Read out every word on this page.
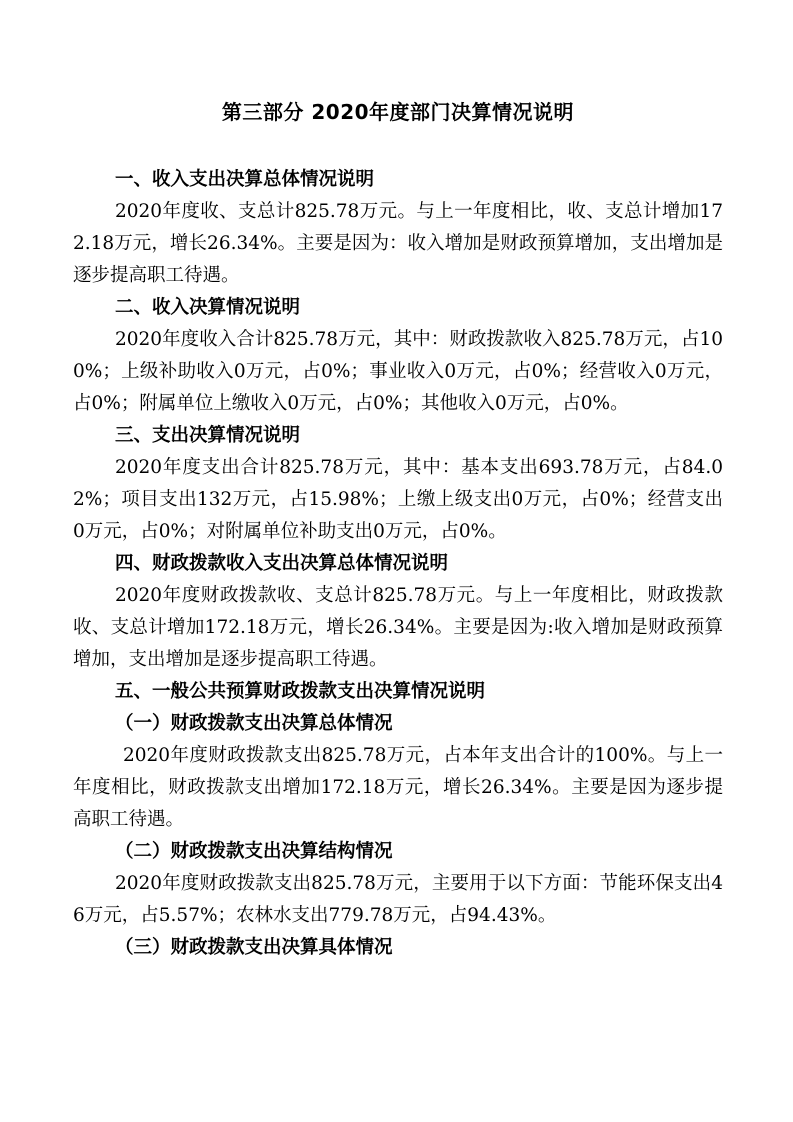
第三部分 2020年度部门决算情况说明
一、收入支出决算总体情况说明

2020年度收、支总计825.78万元。与上一年度相比，收、支总计增加172.18万元，增长26.34%。主要是因为：收入增加是财政预算增加，支出增加是逐步提高职工待遇。

二、收入决算情况说明

2020年度收入合计825.78万元，其中：财政拨款收入825.78万元，占100%；上级补助收入0万元，占0%；事业收入0万元，占0%；经营收入0万元，占0%；附属单位上缴收入0万元，占0%；其他收入0万元，占0%。

三、支出决算情况说明

2020年度支出合计825.78万元，其中：基本支出693.78万元，占84.02%；项目支出132万元，占15.98%；上缴上级支出0万元，占0%；经营支出0万元，占0%；对附属单位补助支出0万元，占0%。

四、财政拨款收入支出决算总体情况说明

2020年度财政拨款收、支总计825.78万元。与上一年度相比，财政拨款收、支总计增加172.18万元，增长26.34%。主要是因为:收入增加是财政预算增加，支出增加是逐步提高职工待遇。

五、一般公共预算财政拨款支出决算情况说明
（一）财政拨款支出决算总体情况

2020年度财政拨款支出825.78万元，占本年支出合计的100%。与上一年度相比，财政拨款支出增加172.18万元，增长26.34%。主要是因为逐步提高职工待遇。

（二）财政拨款支出决算结构情况

2020年度财政拨款支出825.78万元，主要用于以下方面：节能环保支出46万元，占5.57%；农林水支出779.78万元，占94.43%。

（三）财政拨款支出决算具体情况
